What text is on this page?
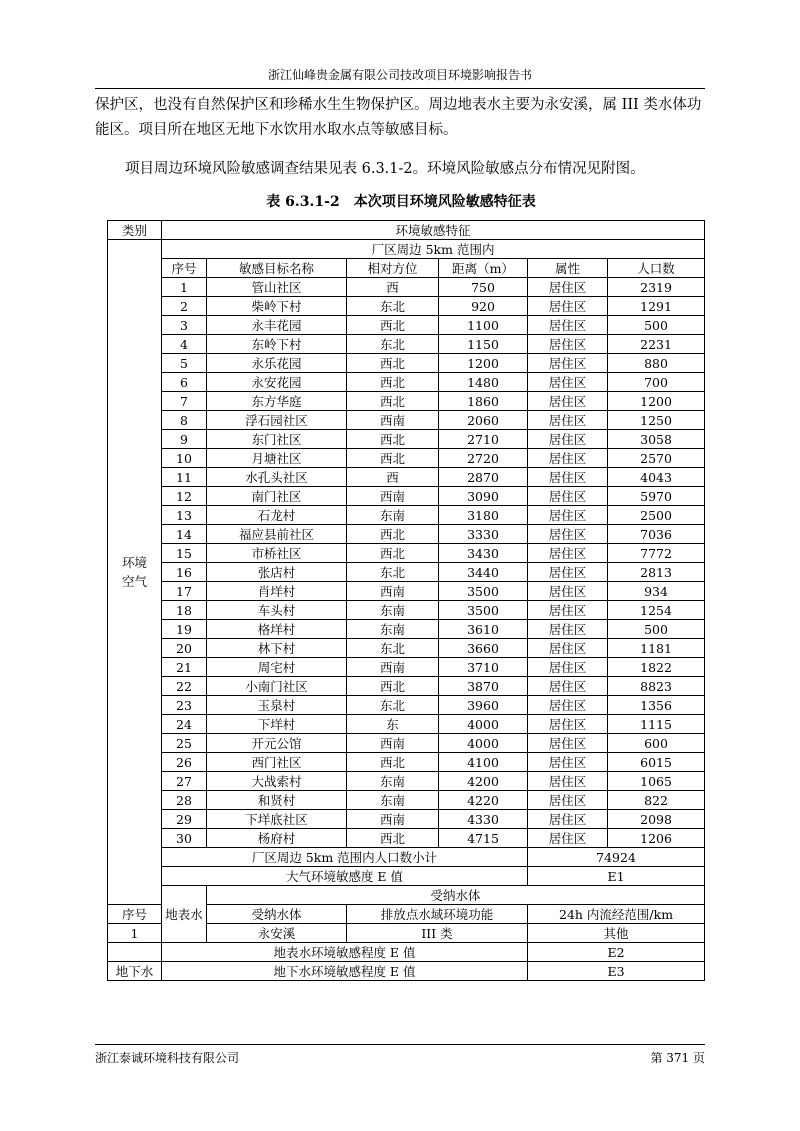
浙江仙峰贵金属有限公司技改项目环境影响报告书
保护区，也没有自然保护区和珍稀水生生物保护区。周边地表水主要为永安溪，属 III 类水体功能区。项目所在地区无地下水饮用水取水点等敏感目标。
项目周边环境风险敏感调查结果见表 6.3.1-2。环境风险敏感点分布情况见附图。
表 6.3.1-2　本次项目环境风险敏感特征表
类别	环境敏感特征					

环境空气	厂区周边 5km 范围内					
	序号	敏感目标名称	相对方位	距离（m）	属性	人口数
	1	管山社区	西	750	居住区	2319
	2	柴岭下村	东北	920	居住区	1291
	3	永丰花园	西北	1100	居住区	500
	4	东岭下村	东北	1150	居住区	2231
	5	永乐花园	西北	1200	居住区	880
	6	永安花园	西北	1480	居住区	700
	7	东方华庭	西北	1860	居住区	1200
	8	浮石园社区	西南	2060	居住区	1250
	9	东门社区	西北	2710	居住区	3058
	10	月塘社区	西北	2720	居住区	2570
	11	水孔头社区	西	2870	居住区	4043
	12	南门社区	西南	3090	居住区	5970
	13	石龙村	东南	3180	居住区	2500
	14	福应县前社区	西北	3330	居住区	7036
	15	市桥社区	西北	3430	居住区	7772
	16	张店村	东北	3440	居住区	2813
	17	肖垟村	西南	3500	居住区	934
	18	车头村	东南	3500	居住区	1254
	19	格垟村	东南	3610	居住区	500
	20	林下村	东北	3660	居住区	1181
	21	周宅村	西南	3710	居住区	1822
	22	小南门社区	西北	3870	居住区	8823
	23	玉泉村	东北	3960	居住区	1356
	24	下垟村	东	4000	居住区	1115
	25	开元公馆	西南	4000	居住区	600
	26	西门社区	西北	4100	居住区	6015
	27	大战索村	东南	4200	居住区	1065
	28	和贤村	东南	4220	居住区	822
	29	下垟底社区	西南	4330	居住区	2098
	30	杨府村	西北	4715	居住区	1206
	厂区周边 5km 范围内人口数小计				74924	
	大气环境敏感度 E 值				E1	
	地表水	受纳水体				
序号		受纳水体	排放点水域环境功能		24h 内流经范围/km	
1		永安溪	III 类		其他	
	地表水环境敏感程度 E 值				E2	
地下水	地下水环境敏感程度 E 值				E3	
浙江泰诚环境科技有限公司	第 371 页
